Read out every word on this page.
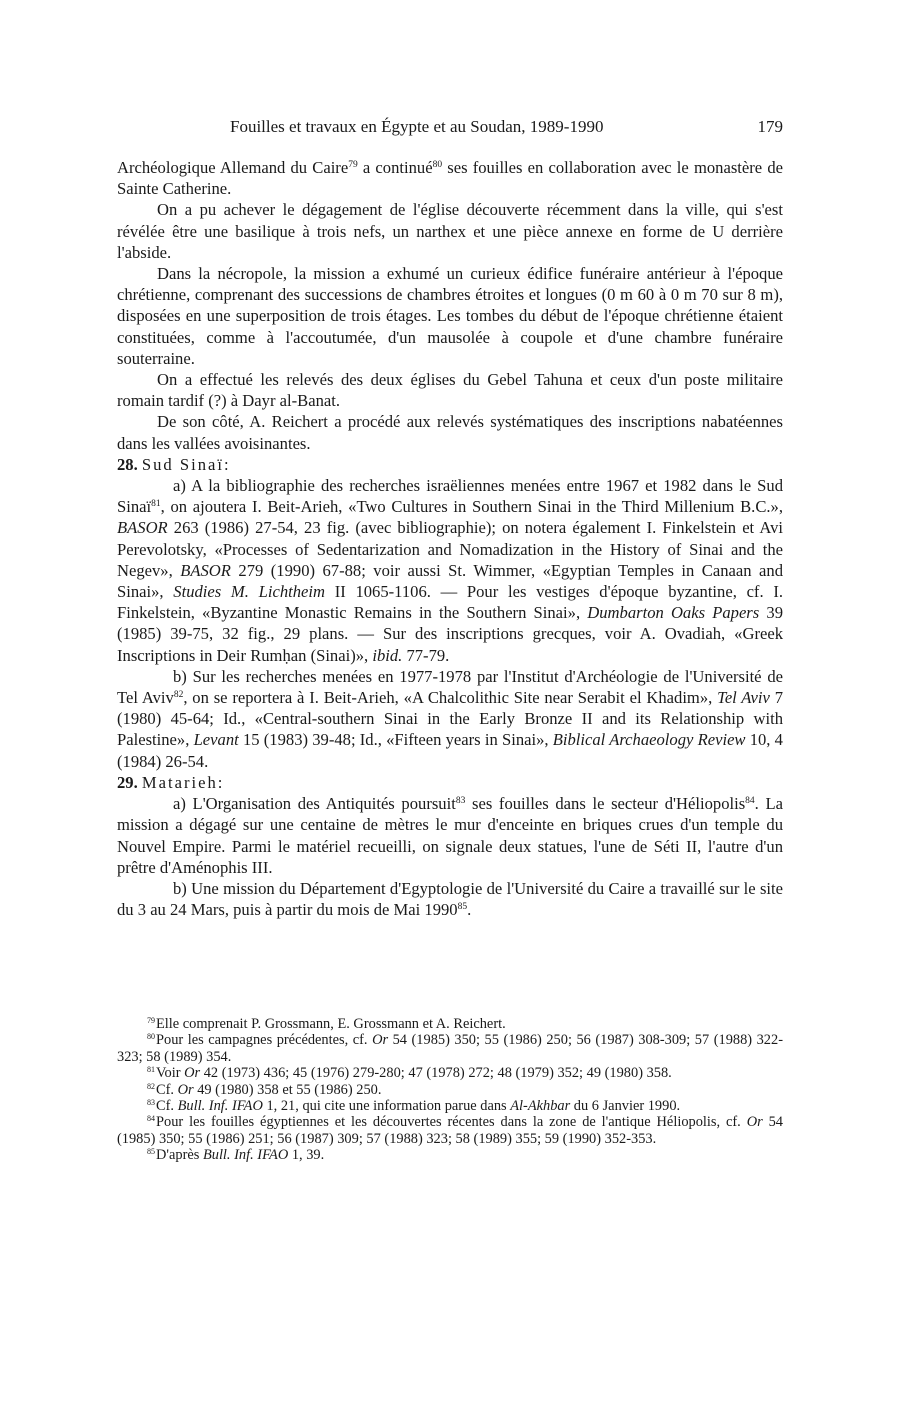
Fouilles et travaux en Égypte et au Soudan, 1989-1990	179

Archéologique Allemand du Caire$^{79}$ a continué$^{80}$ ses fouilles en collaboration avec le monastère de Sainte Catherine.

On a pu achever le dégagement de l'église découverte récemment dans la ville, qui s'est révélée être une basilique à trois nefs, un narthex et une pièce annexe en forme de U derrière l'abside.

Dans la nécropole, la mission a exhumé un curieux édifice funéraire antérieur à l'époque chrétienne, comprenant des successions de chambres étroites et longues (0 m 60 à 0 m 70 sur 8 m), disposées en une superposition de trois étages. Les tombes du début de l'époque chrétienne étaient constituées, comme à l'accoutumée, d'un mausolée à coupole et d'une chambre funéraire souterraine.

On a effectué les relevés des deux églises du Gebel Tahuna et ceux d'un poste militaire romain tardif (?) à Dayr al-Banat.

De son côté, A. Reichert a procédé aux relevés systématiques des inscriptions nabatéennes dans les vallées avoisinantes.

28. Sud Sinaï:

a) A la bibliographie des recherches israëliennes menées entre 1967 et 1982 dans le Sud Sinaï$^{81}$, on ajoutera I. Beit-Arieh, «Two Cultures in Southern Sinai in the Third Millenium B.C.», BASOR 263 (1986) 27-54, 23 fig. (avec bibliographie); on notera également I. Finkelstein et Avi Perevolotsky, «Processes of Sedentarization and Nomadization in the History of Sinai and the Negev», BASOR 279 (1990) 67-88; voir aussi St. Wimmer, «Egyptian Temples in Canaan and Sinai», Studies M. Lichtheim II 1065-1106. — Pour les vestiges d'époque byzantine, cf. I. Finkelstein, «Byzantine Monastic Remains in the Southern Sinai», Dumbarton Oaks Papers 39 (1985) 39-75, 32 fig., 29 plans. — Sur des inscriptions grecques, voir A. Ovadiah, «Greek Inscriptions in Deir Rumḥan (Sinai)», ibid. 77-79.

b) Sur les recherches menées en 1977-1978 par l'Institut d'Archéologie de l'Université de Tel Aviv$^{82}$, on se reportera à I. Beit-Arieh, «A Chalcolithic Site near Serabit el Khadim», Tel Aviv 7 (1980) 45-64; Id., «Central-southern Sinai in the Early Bronze II and its Relationship with Palestine», Levant 15 (1983) 39-48; Id., «Fifteen years in Sinai», Biblical Archaeology Review 10, 4 (1984) 26-54.

29. Matarieh:

a) L'Organisation des Antiquités poursuit$^{83}$ ses fouilles dans le secteur d'Héliopolis$^{84}$. La mission a dégagé sur une centaine de mètres le mur d'enceinte en briques crues d'un temple du Nouvel Empire. Parmi le matériel recueilli, on signale deux statues, l'une de Séti II, l'autre d'un prêtre d'Aménophis III.

b) Une mission du Département d'Egyptologie de l'Université du Caire a travaillé sur le site du 3 au 24 Mars, puis à partir du mois de Mai 1990$^{85}$.

$^{79}$Elle comprenait P. Grossmann, E. Grossmann et A. Reichert.

$^{80}$Pour les campagnes précédentes, cf. Or 54 (1985) 350; 55 (1986) 250; 56 (1987) 308-309; 57 (1988) 322-323; 58 (1989) 354.

$^{81}$Voir Or 42 (1973) 436; 45 (1976) 279-280; 47 (1978) 272; 48 (1979) 352; 49 (1980) 358.

$^{82}$Cf. Or 49 (1980) 358 et 55 (1986) 250.

$^{83}$Cf. Bull. Inf. IFAO 1, 21, qui cite une information parue dans Al-Akhbar du 6 Janvier 1990.

$^{84}$Pour les fouilles égyptiennes et les découvertes récentes dans la zone de l'antique Héliopolis, cf. Or 54 (1985) 350; 55 (1986) 251; 56 (1987) 309; 57 (1988) 323; 58 (1989) 355; 59 (1990) 352-353.

$^{85}$D'après Bull. Inf. IFAO 1, 39.
